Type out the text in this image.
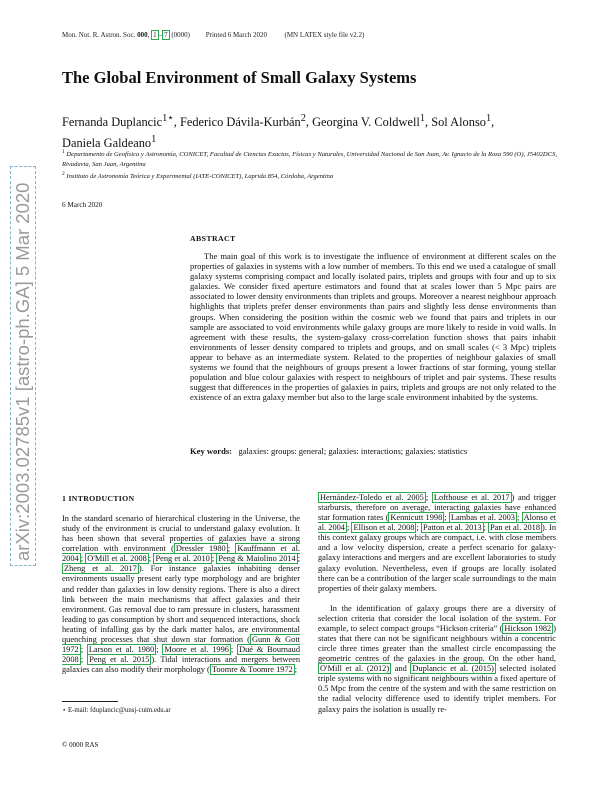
Mon. Not. R. Astron. Soc. 000, 1 – 7 (0000) Printed 6 March 2020	(MN LATEX style file v2.2)
arXiv:2003.02785v1 [astro-ph.GA] 5 Mar 2020
The Global Environment of Small Galaxy Systems
Fernanda Duplancic$^{1⋆}$, Federico Dávila-Kurbán$^2$, Georgina V. Coldwell$^1$, Sol Alonso$^1$,
Daniela Galdeano$^1$
$^1$ Departamento de Geofísica y Astronomía, CONICET, Facultad de Ciencias Exactas, Físicas y Naturales, Universidad Nacional de San Juan, Av. Ignacio de la Roza 590 (O), J5402DCS, Rivadavia, San Juan, Argentina
$^2$ Instituto de Astronomía Teórica y Experimental (IATE-CONICET), Laprida 854, Córdoba, Argentina
6 March 2020
ABSTRACT

The main goal of this work is to investigate the influence of environment at different scales on the properties of galaxies in systems with a low number of members. To this end we used a catalogue of small galaxy systems comprising compact and locally isolated pairs, triplets and groups with four and up to six galaxies. We consider fixed aperture estimators and found that at scales lower than 5 Mpc pairs are associated to lower density environments than triplets and groups. Moreover a nearest neighbour approach highlights that triplets prefer denser environments than pairs and slightly less dense environments than groups. When considering the position within the cosmic web we found that pairs and triplets in our sample are associated to void environments while galaxy groups are more likely to reside in void walls. In agreement with these results, the system-galaxy cross-correlation function shows that pairs inhabit environments of lesser density compared to triplets and groups, and on small scales (< 3 Mpc) triplets appear to behave as an intermediate system. Related to the properties of neighbour galaxies of small systems we found that the neighbours of groups present a lower fractions of star forming, young stellar population and blue colour galaxies with respect to neighbours of triplet and pair systems. These results suggest that differences in the properties of galaxies in pairs, triplets and groups are not only related to the existence of an extra galaxy member but also to the large scale environment inhabited by the systems.

Key words: galaxies: groups: general; galaxies: interactions; galaxies: statistics
1 INTRODUCTION

In the standard scenario of hierarchical clustering in the Universe, the study of the environment is crucial to understand galaxy evolution. It has been shown that several properties of galaxies have a strong correlation with environment ( Dressler 1980 ; Kauffmann et al. 2004 ; O'Mill et al. 2008 ; Peng et al. 2010 ; Peng & Maiolino 2014 ; Zheng et al. 2017 ). For instance galaxies inhabiting denser environments usually present early type morphology and are brighter and redder than galaxies in low density regions. There is also a direct link between the main mechanisms that affect galaxies and their environment. Gas removal due to ram pressure in clusters, harassment leading to gas consumption by short and sequenced interactions, shock heating of infalling gas by the dark matter halos, are environmental quenching processes that shut down star formation ( Gunn & Gott 1972 ; Larson et al. 1980 ; Moore et al. 1996 ; Dué & Bournaud 2008 ; Peng et al. 2015 ). Tidal interactions and mergers between galaxies can also modify their morphology ( Toomre & Toomre 1972 ;

Hernández-Toledo et al. 2005 ; Lofthouse et al. 2017 ) and trigger starbursts, therefore on average, interacting galaxies have enhanced star formation rates ( Kennicutt 1998 ; Lambas et al. 2003 ; Alonso et al. 2004 ; Ellison et al. 2008 ; Patton et al. 2013 ; Pan et al. 2018 ). In this context galaxy groups which are compact, i.e. with close members and a low velocity dispersion, create a perfect scenario for galaxy-galaxy interactions and mergers and are excellent laboratories to study galaxy evolution. Nevertheless, even if groups are locally isolated there can be a contribution of the larger scale surroundings to the main properties of their galaxy members.

In the identification of galaxy groups there are a diversity of selection criteria that consider the local isolation of the system. For example, to select compact groups “Hickson criteria” ( Hickson 1982 ) states that there can not be significant neighbours within a concentric circle three times greater than the smallest circle encompassing the geometric centres of the galaxies in the group. On the other hand, O'Mill et al. (2012) and Duplancic et al. (2015) selected isolated triple systems with no significant neighbours within a fixed aperture of 0.5 Mpc from the centre of the system and with the same restriction on the radial velocity difference used to identify triplet members. For galaxy pairs the isolation is usually re-

⋆ E-mail: fduplancic@unsj-cuim.edu.ar
© 0000 RAS
